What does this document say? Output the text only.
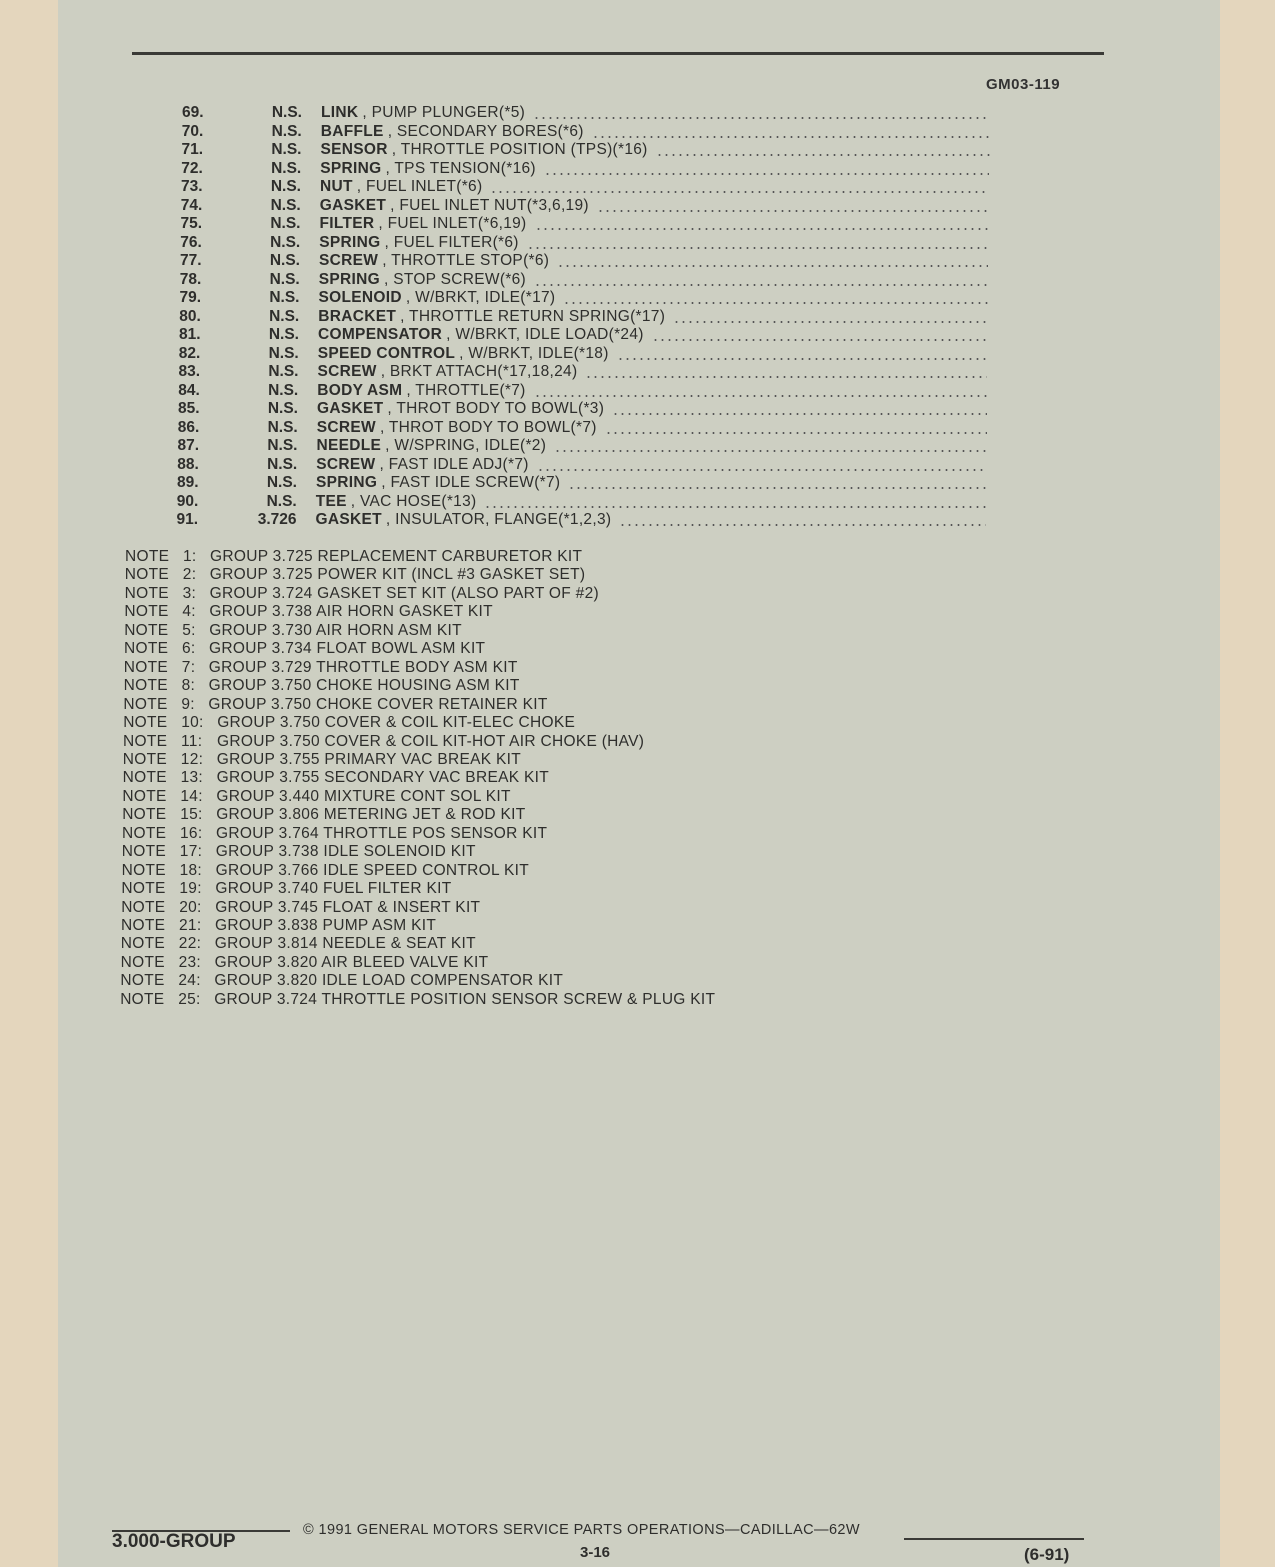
GM03-119
69.	N.S. LINK , PUMP PLUNGER(*5)
70.	N.S. BAFFLE , SECONDARY BORES(*6)
71.	N.S. SENSOR , THROTTLE POSITION (TPS)(*16)
72.	N.S. SPRING , TPS TENSION(*16)
73.	N.S. NUT , FUEL INLET(*6)
74.	N.S. GASKET , FUEL INLET NUT(*3,6,19)
75.	N.S. FILTER , FUEL INLET(*6,19)
76.	N.S. SPRING , FUEL FILTER(*6)
77.	N.S. SCREW , THROTTLE STOP(*6)
78.	N.S. SPRING , STOP SCREW(*6)
79.	N.S. SOLENOID , W/BRKT, IDLE(*17)
80.	N.S. BRACKET , THROTTLE RETURN SPRING(*17)
81.	N.S. COMPENSATOR , W/BRKT, IDLE LOAD(*24)
82.	N.S. SPEED CONTROL , W/BRKT, IDLE(*18)
83.	N.S. SCREW , BRKT ATTACH(*17,18,24)
84.	N.S. BODY ASM , THROTTLE(*7)
85.	N.S. GASKET , THROT BODY TO BOWL(*3)
86.	N.S. SCREW , THROT BODY TO BOWL(*7)
87.	N.S. NEEDLE , W/SPRING, IDLE(*2)
88.	N.S. SCREW , FAST IDLE ADJ(*7)
89.	N.S. SPRING , FAST IDLE SCREW(*7)
90.	N.S. TEE , VAC HOSE(*13)
91.	3.726 GASKET , INSULATOR, FLANGE(*1,2,3)
NOTE 1: GROUP 3.725 REPLACEMENT CARBURETOR KIT
NOTE 2: GROUP 3.725 POWER KIT (INCL #3 GASKET SET)
NOTE 3: GROUP 3.724 GASKET SET KIT (ALSO PART OF #2)
NOTE 4: GROUP 3.738 AIR HORN GASKET KIT
NOTE 5: GROUP 3.730 AIR HORN ASM KIT
NOTE 6: GROUP 3.734 FLOAT BOWL ASM KIT
NOTE 7: GROUP 3.729 THROTTLE BODY ASM KIT
NOTE 8: GROUP 3.750 CHOKE HOUSING ASM KIT
NOTE 9: GROUP 3.750 CHOKE COVER RETAINER KIT
NOTE 10: GROUP 3.750 COVER & COIL KIT-ELEC CHOKE
NOTE 11: GROUP 3.750 COVER & COIL KIT-HOT AIR CHOKE (HAV)
NOTE 12: GROUP 3.755 PRIMARY VAC BREAK KIT
NOTE 13: GROUP 3.755 SECONDARY VAC BREAK KIT
NOTE 14: GROUP 3.440 MIXTURE CONT SOL KIT
NOTE 15: GROUP 3.806 METERING JET & ROD KIT
NOTE 16: GROUP 3.764 THROTTLE POS SENSOR KIT
NOTE 17: GROUP 3.738 IDLE SOLENOID KIT
NOTE 18: GROUP 3.766 IDLE SPEED CONTROL KIT
NOTE 19: GROUP 3.740 FUEL FILTER KIT
NOTE 20: GROUP 3.745 FLOAT & INSERT KIT
NOTE 21: GROUP 3.838 PUMP ASM KIT
NOTE 22: GROUP 3.814 NEEDLE & SEAT KIT
NOTE 23: GROUP 3.820 AIR BLEED VALVE KIT
NOTE 24: GROUP 3.820 IDLE LOAD COMPENSATOR KIT
NOTE 25: GROUP 3.724 THROTTLE POSITION SENSOR SCREW & PLUG KIT
3.000-GROUP
© 1991 GENERAL MOTORS SERVICE PARTS OPERATIONS—CADILLAC—62W
3-16	(6-91)
